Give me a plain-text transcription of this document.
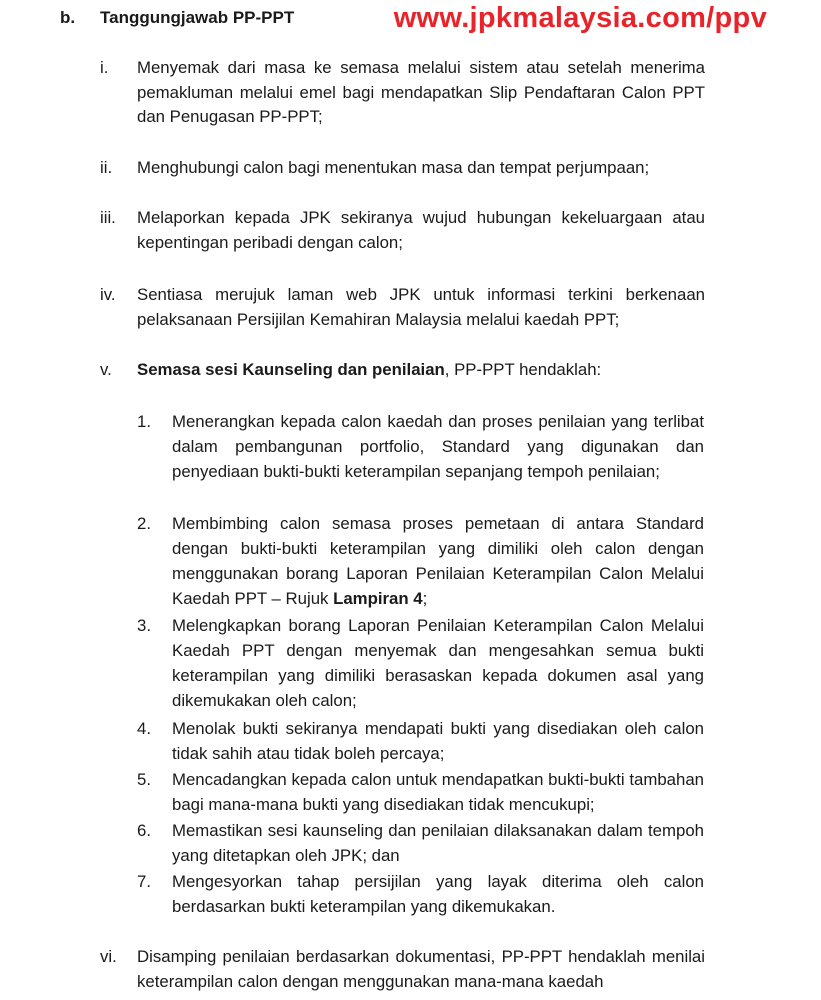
b. Tanggungjawab PP-PPT	www.jpkmalaysia.com/ppv
i. Menyemak dari masa ke semasa melalui sistem atau setelah menerima pemakluman melalui emel bagi mendapatkan Slip Pendaftaran Calon PPT dan Penugasan PP-PPT;
ii. Menghubungi calon bagi menentukan masa dan tempat perjumpaan;
iii. Melaporkan kepada JPK sekiranya wujud hubungan kekeluargaan atau kepentingan peribadi dengan calon;
iv. Sentiasa merujuk laman web JPK untuk informasi terkini berkenaan pelaksanaan Persijilan Kemahiran Malaysia melalui kaedah PPT;
v. Semasa sesi Kaunseling dan penilaian, PP-PPT hendaklah:
1. Menerangkan kepada calon kaedah dan proses penilaian yang terlibat dalam pembangunan portfolio, Standard yang digunakan dan penyediaan bukti-bukti keterampilan sepanjang tempoh penilaian;
2. Membimbing calon semasa proses pemetaan di antara Standard dengan bukti-bukti keterampilan yang dimiliki oleh calon dengan menggunakan borang Laporan Penilaian Keterampilan Calon Melalui Kaedah PPT – Rujuk Lampiran 4;
3. Melengkapkan borang Laporan Penilaian Keterampilan Calon Melalui Kaedah PPT dengan menyemak dan mengesahkan semua bukti keterampilan yang dimiliki berasaskan kepada dokumen asal yang dikemukakan oleh calon;
4. Menolak bukti sekiranya mendapati bukti yang disediakan oleh calon tidak sahih atau tidak boleh percaya;
5. Mencadangkan kepada calon untuk mendapatkan bukti-bukti tambahan bagi mana-mana bukti yang disediakan tidak mencukupi;
6. Memastikan sesi kaunseling dan penilaian dilaksanakan dalam tempoh yang ditetapkan oleh JPK; dan
7. Mengesyorkan tahap persijilan yang layak diterima oleh calon berdasarkan bukti keterampilan yang dikemukakan.
vi. Disamping penilaian berdasarkan dokumentasi, PP-PPT hendaklah menilai keterampilan calon dengan menggunakan mana-mana kaedah
